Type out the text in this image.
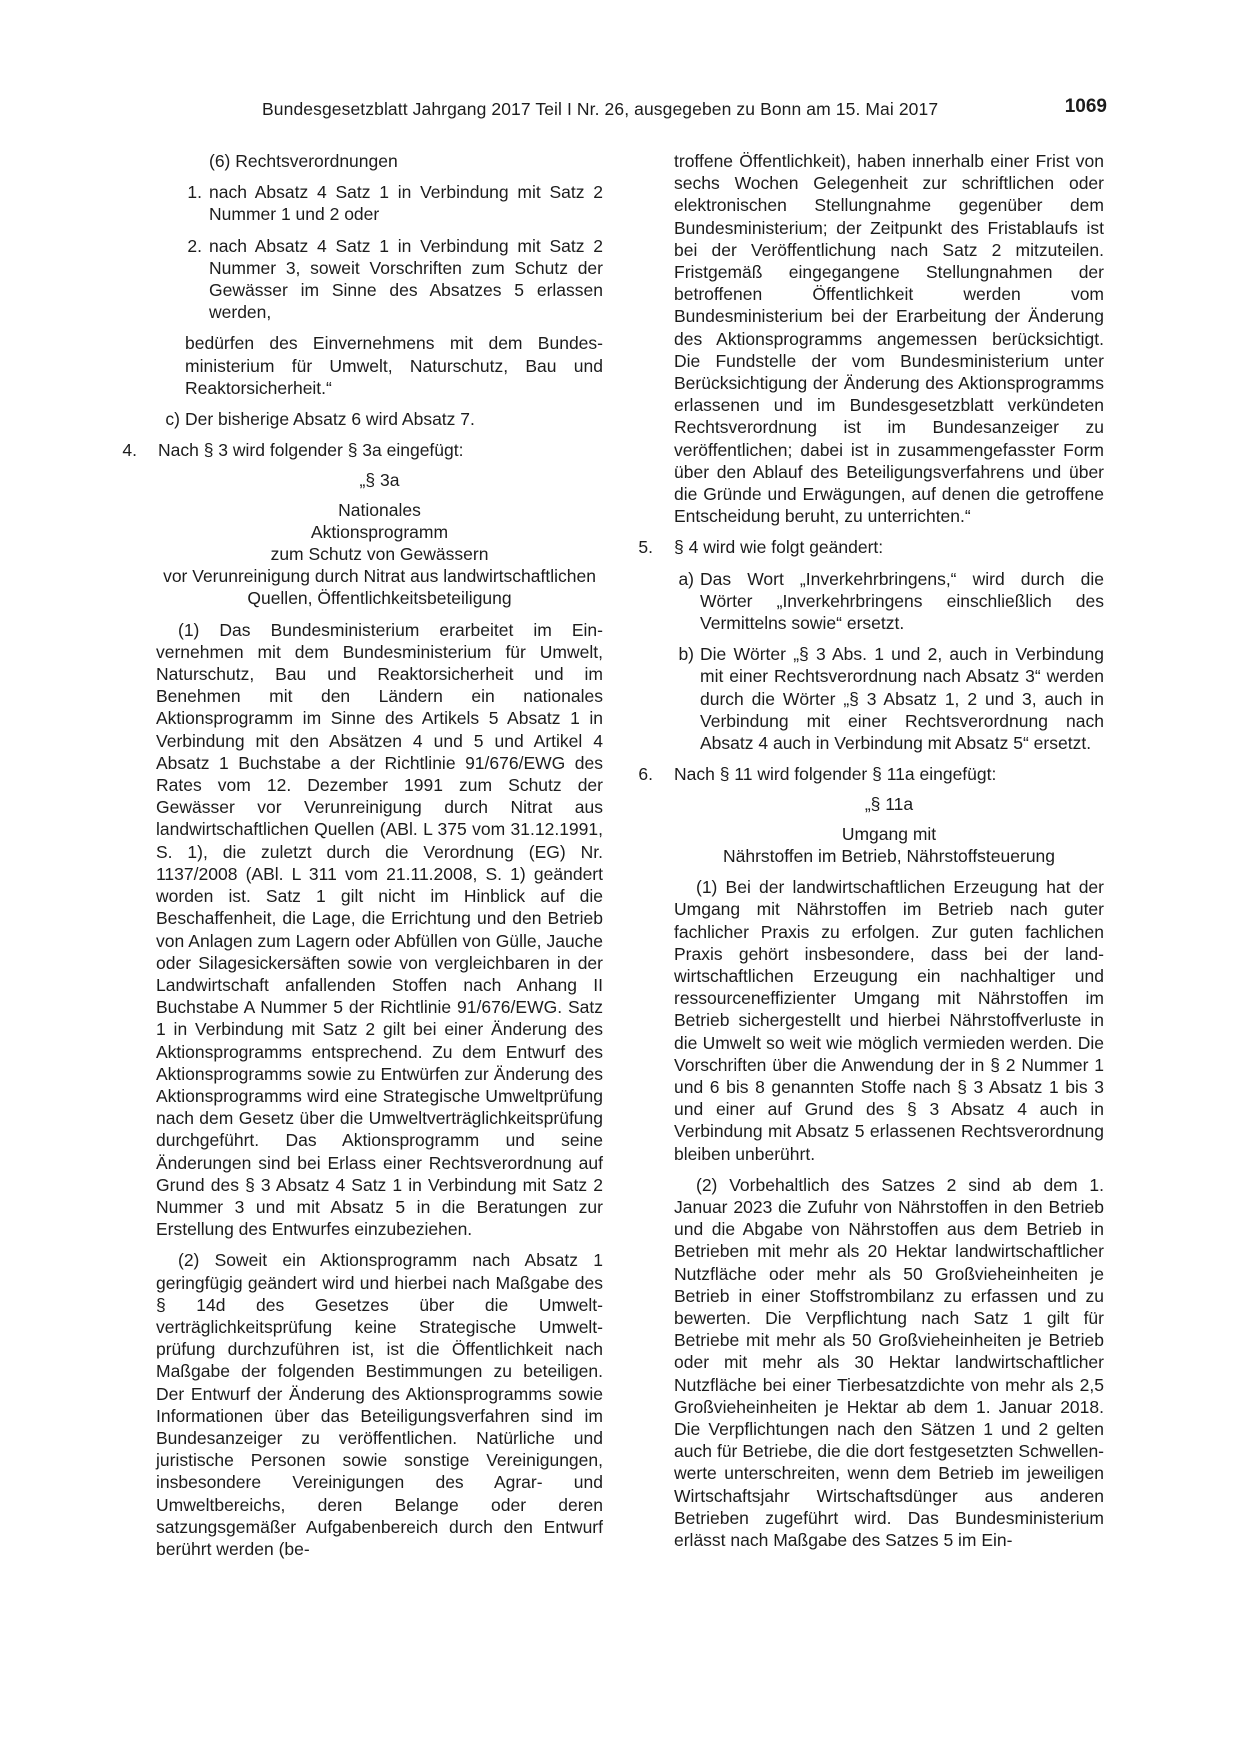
Bundesgesetzblatt Jahrgang 2017 Teil I Nr. 26, ausgegeben zu Bonn am 15. Mai 2017	1069

(6) Rechtsverordnungen

1. nach Absatz 4 Satz 1 in Verbindung mit Satz 2 Nummer 1 und 2 oder
2. nach Absatz 4 Satz 1 in Verbindung mit Satz 2 Nummer 3, soweit Vorschriften zum Schutz der Gewässer im Sinne des Absatzes 5 erlassen werden,

bedürfen des Einvernehmens mit dem Bundesministerium für Umwelt, Naturschutz, Bau und Reaktorsicherheit.“

c) Der bisherige Absatz 6 wird Absatz 7.
4.	Nach § 3 wird folgender § 3a eingefügt:

„§ 3a

Nationales

Aktionsprogramm

zum Schutz von Gewässern

vor Verunreinigung durch Nitrat aus landwirtschaftlichen Quellen, Öffentlichkeitsbeteiligung

(1) Das Bundesministerium erarbeitet im Einvernehmen mit dem Bundesministerium für Umwelt, Naturschutz, Bau und Reaktorsicherheit und im Benehmen mit den Ländern ein nationales Aktionsprogramm im Sinne des Artikels 5 Absatz 1 in Verbindung mit den Absätzen 4 und 5 und Artikel 4 Absatz 1 Buchstabe a der Richtlinie 91/676/EWG des Rates vom 12. Dezember 1991 zum Schutz der Gewässer vor Verunreinigung durch Nitrat aus landwirtschaftlichen Quellen (ABl. L 375 vom 31.12.1991, S. 1), die zuletzt durch die Verordnung (EG) Nr. 1137/2008 (ABl. L 311 vom 21.11.2008, S. 1) geändert worden ist. Satz 1 gilt nicht im Hinblick auf die Beschaffenheit, die Lage, die Errichtung und den Betrieb von Anlagen zum Lagern oder Abfüllen von Gülle, Jauche oder Silagesickersäften sowie von vergleichbaren in der Landwirtschaft anfallenden Stoffen nach Anhang II Buchstabe A Nummer 5 der Richtlinie 91/676/EWG. Satz 1 in Verbindung mit Satz 2 gilt bei einer Änderung des Aktionsprogramms entsprechend. Zu dem Entwurf des Aktionsprogramms sowie zu Entwürfen zur Änderung des Aktionsprogramms wird eine Strategische Umweltprüfung nach dem Gesetz über die Umweltverträglichkeitsprüfung durchgeführt. Das Aktionsprogramm und seine Änderungen sind bei Erlass einer Rechtsverordnung auf Grund des § 3 Absatz 4 Satz 1 in Verbindung mit Satz 2 Nummer 3 und mit Absatz 5 in die Beratungen zur Erstellung des Entwurfes einzubeziehen.

(2) Soweit ein Aktionsprogramm nach Absatz 1 geringfügig geändert wird und hierbei nach Maßgabe des § 14d des Gesetzes über die Umweltverträglichkeitsprüfung keine Strategische Umweltprüfung durchzuführen ist, ist die Öffentlichkeit nach Maßgabe der folgenden Bestimmungen zu beteiligen. Der Entwurf der Änderung des Aktionsprogramms sowie Informationen über das Beteiligungsverfahren sind im Bundesanzeiger zu veröffentlichen. Natürliche und juristische Personen sowie sonstige Vereinigungen, insbesondere Vereinigungen des Agrar- und Umweltbereichs, deren Belange oder deren satzungsgemäßer Aufgabenbereich durch den Entwurf berührt werden (be-

troffene Öffentlichkeit), haben innerhalb einer Frist von sechs Wochen Gelegenheit zur schriftlichen oder elektronischen Stellungnahme gegenüber dem Bundesministerium; der Zeitpunkt des Fristablaufs ist bei der Veröffentlichung nach Satz 2 mitzuteilen. Fristgemäß eingegangene Stellungnahmen der betroffenen Öffentlichkeit werden vom Bundesministerium bei der Erarbeitung der Änderung des Aktionsprogramms angemessen berücksichtigt. Die Fundstelle der vom Bundesministerium unter Berücksichtigung der Änderung des Aktionsprogramms erlassenen und im Bundesgesetzblatt verkündeten Rechtsverordnung ist im Bundesanzeiger zu veröffentlichen; dabei ist in zusammengefasster Form über den Ablauf des Beteiligungsverfahrens und über die Gründe und Erwägungen, auf denen die getroffene Entscheidung beruht, zu unterrichten.“

5.	§ 4 wird wie folgt geändert:
a) Das Wort „Inverkehrbringens,“ wird durch die Wörter „Inverkehrbringens einschließlich des Vermittelns sowie“ ersetzt.
b) Die Wörter „§ 3 Abs. 1 und 2, auch in Verbindung mit einer Rechtsverordnung nach Absatz 3“ werden durch die Wörter „§ 3 Absatz 1, 2 und 3, auch in Verbindung mit einer Rechtsverordnung nach Absatz 4 auch in Verbindung mit Absatz 5“ ersetzt.
6.	Nach § 11 wird folgender § 11a eingefügt:

„§ 11a

Umgang mit

Nährstoffen im Betrieb, Nährstoffsteuerung

(1) Bei der landwirtschaftlichen Erzeugung hat der Umgang mit Nährstoffen im Betrieb nach guter fachlicher Praxis zu erfolgen. Zur guten fachlichen Praxis gehört insbesondere, dass bei der landwirtschaftlichen Erzeugung ein nachhaltiger und ressourceneffizienter Umgang mit Nährstoffen im Betrieb sichergestellt und hierbei Nährstoffverluste in die Umwelt so weit wie möglich vermieden werden. Die Vorschriften über die Anwendung der in § 2 Nummer 1 und 6 bis 8 genannten Stoffe nach § 3 Absatz 1 bis 3 und einer auf Grund des § 3 Absatz 4 auch in Verbindung mit Absatz 5 erlassenen Rechtsverordnung bleiben unberührt.

(2) Vorbehaltlich des Satzes 2 sind ab dem 1. Januar 2023 die Zufuhr von Nährstoffen in den Betrieb und die Abgabe von Nährstoffen aus dem Betrieb in Betrieben mit mehr als 20 Hektar landwirtschaftlicher Nutzfläche oder mehr als 50 Großvieheinheiten je Betrieb in einer Stoffstrombilanz zu erfassen und zu bewerten. Die Verpflichtung nach Satz 1 gilt für Betriebe mit mehr als 50 Großvieheinheiten je Betrieb oder mit mehr als 30 Hektar landwirtschaftlicher Nutzfläche bei einer Tierbesatzdichte von mehr als 2,5 Großvieheinheiten je Hektar ab dem 1. Januar 2018. Die Verpflichtungen nach den Sätzen 1 und 2 gelten auch für Betriebe, die die dort festgesetzten Schwellenwerte unterschreiten, wenn dem Betrieb im jeweiligen Wirtschaftsjahr Wirtschaftsdünger aus anderen Betrieben zugeführt wird. Das Bundesministerium erlässt nach Maßgabe des Satzes 5 im Ein-
